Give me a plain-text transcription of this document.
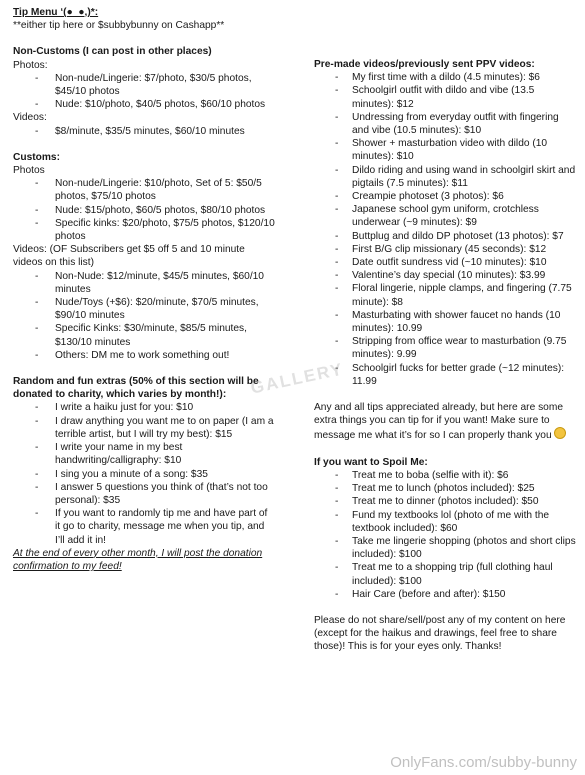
Tip Menu ‘(●_●,)*:

**either tip here or $subbybunny on Cashapp**

Non-Customs (I can post in other places)

Photos:

- Non-nude/Lingerie: $7/photo, $30/5 photos, $45/10 photos
- Nude: $10/photo, $40/5 photos, $60/10 photos

Videos:

- $8/minute, $35/5 minutes, $60/10 minutes

Customs:

Photos

- Non-nude/Lingerie: $10/photo, Set of 5: $50/5 photos, $75/10 photos
- Nude: $15/photo, $60/5 photos, $80/10 photos
- Specific kinks: $20/photo, $75/5 photos, $120/10 photos

Videos: (OF Subscribers get $5 off 5 and 10 minute videos on this list)

- Non-Nude: $12/minute, $45/5 minutes, $60/10 minutes
- Nude/Toys (+$6): $20/minute, $70/5 minutes, $90/10 minutes
- Specific Kinks: $30/minute, $85/5 minutes, $130/10 minutes
- Others: DM me to work something out!

Random and fun extras (50% of this section will be donated to charity, which varies by month!):

- I write a haiku just for you: $10
- I draw anything you want me to on paper (I am a terrible artist, but I will try my best): $15
- I write your name in my best handwriting/calligraphy: $10
- I sing you a minute of a song: $35
- I answer 5 questions you think of (that’s not too personal): $35
- If you want to randomly tip me and have part of it go to charity, message me when you tip, and I’ll add it in!

At the end of every other month, I will post the donation confirmation to my feed!

Pre-made videos/previously sent PPV videos:

- My first time with a dildo (4.5 minutes): $6
- Schoolgirl outfit with dildo and vibe (13.5 minutes): $12
- Undressing from everyday outfit with fingering and vibe (10.5 minutes): $10
- Shower + masturbation video with dildo (10 minutes): $10
- Dildo riding and using wand in schoolgirl skirt and pigtails (7.5 minutes): $11
- Creampie photoset (3 photos): $6
- Japanese school gym uniform, crotchless underwear (~9 minutes): $9
- Buttplug and dildo DP photoset (13 photos): $7
- First B/G clip missionary (45 seconds): $12
- Date outfit sundress vid (~10 minutes): $10
- Valentine’s day special (10 minutes): $3.99
- Floral lingerie, nipple clamps, and fingering (7.75 minute): $8
- Masturbating with shower faucet no hands (10 minutes): 10.99
- Stripping from office wear to masturbation (9.75 minutes): 9.99
- Schoolgirl fucks for better grade (~12 minutes): 11.99

Any and all tips appreciated already, but here are some extra things you can tip for if you want! Make sure to message me what it’s for so I can properly thank you

If you want to Spoil Me:

- Treat me to boba (selfie with it): $6
- Treat me to lunch (photos included): $25
- Treat me to dinner (photos included): $50
- Fund my textbooks lol (photo of me with the textbook included): $60
- Take me lingerie shopping (photos and short clips included): $100
- Treat me to a shopping trip (full clothing haul included): $100
- Hair Care (before and after): $150

Please do not share/sell/post any of my content on here (except for the haikus and drawings, feel free to share those)! This is for your eyes only. Thanks!

GALLERY
OnlyFans.com/subby-bunny
